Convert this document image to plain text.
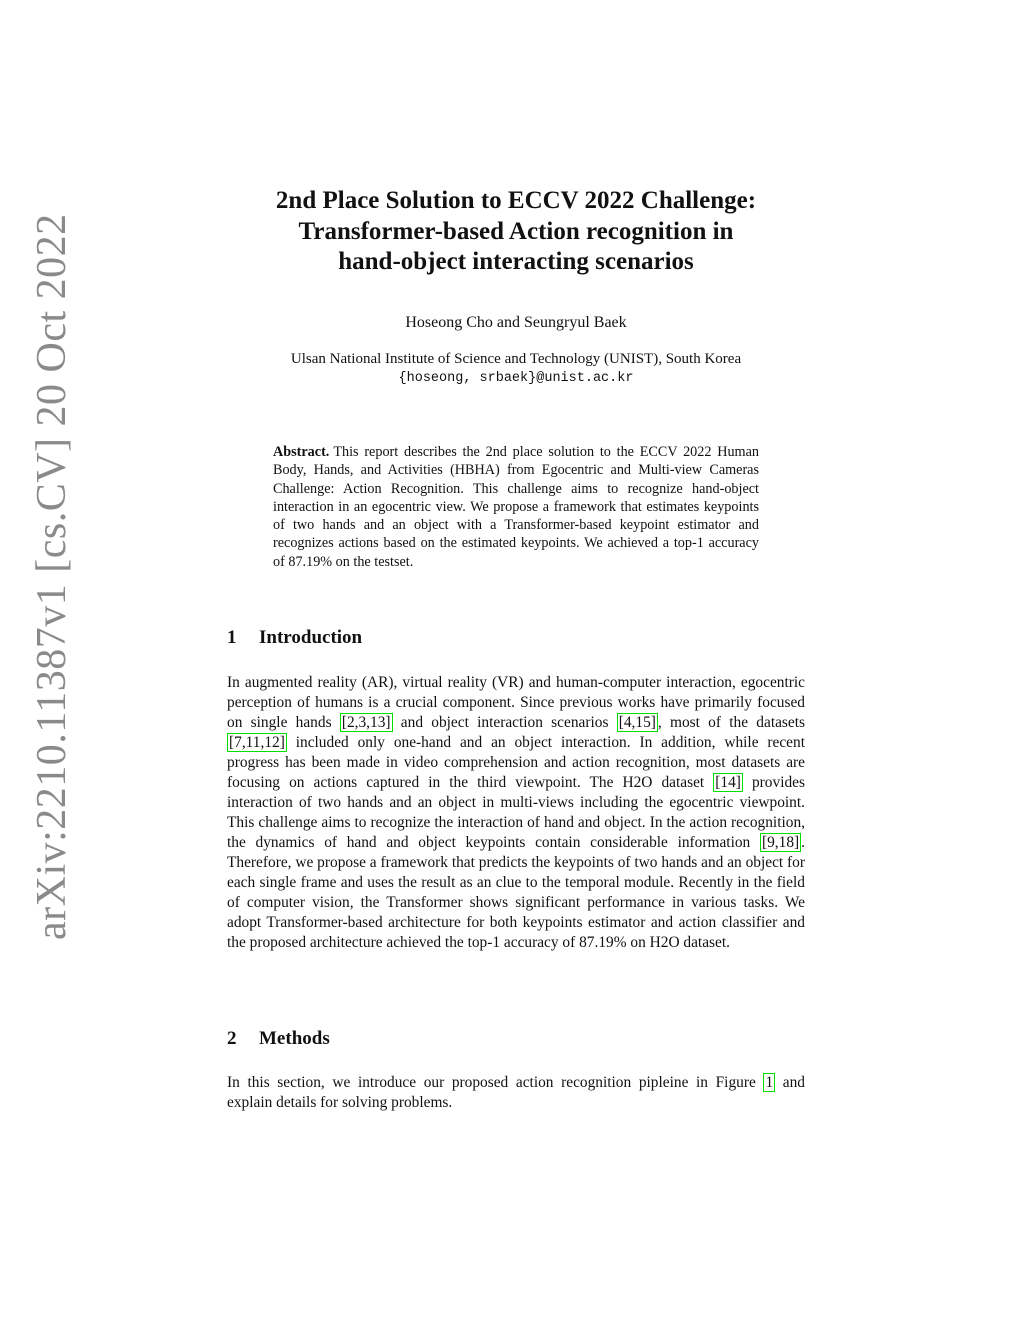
arXiv:2210.11387v1 [cs.CV] 20 Oct 2022
2nd Place Solution to ECCV 2022 Challenge:
Transformer-based Action recognition in
hand-object interacting scenarios
Hoseong Cho and Seungryul Baek
Ulsan National Institute of Science and Technology (UNIST), South Korea
{hoseong, srbaek}@unist.ac.kr
Abstract. This report describes the 2nd place solution to the ECCV 2022 Human Body, Hands, and Activities (HBHA) from Egocentric and Multi-view Cameras Challenge: Action Recognition. This challenge aims to recognize hand-object interaction in an egocentric view. We propose a framework that estimates keypoints of two hands and an object with a Transformer-based keypoint estimator and recognizes actions based on the estimated keypoints. We achieved a top-1 accuracy of 87.19% on the testset.
1 Introduction
In augmented reality (AR), virtual reality (VR) and human-computer interaction, egocentric perception of humans is a crucial component. Since previous works have primarily focused on single hands [2,3,13] and object interaction scenarios [4,15] , most of the datasets [7,11,12] included only one-hand and an object interaction. In addition, while recent progress has been made in video comprehension and action recognition, most datasets are focusing on actions captured in the third viewpoint. The H2O dataset [14] provides interaction of two hands and an object in multi-views including the egocentric viewpoint. This challenge aims to recognize the interaction of hand and object. In the action recognition, the dynamics of hand and object keypoints contain considerable information [9,18] . Therefore, we propose a framework that predicts the keypoints of two hands and an object for each single frame and uses the result as an clue to the temporal module. Recently in the field of computer vision, the Transformer shows significant performance in various tasks. We adopt Transformer-based architecture for both keypoints estimator and action classifier and the proposed architecture achieved the top-1 accuracy of 87.19% on H2O dataset.
2 Methods
In this section, we introduce our proposed action recognition pipleine in Figure 1 and explain details for solving problems.
